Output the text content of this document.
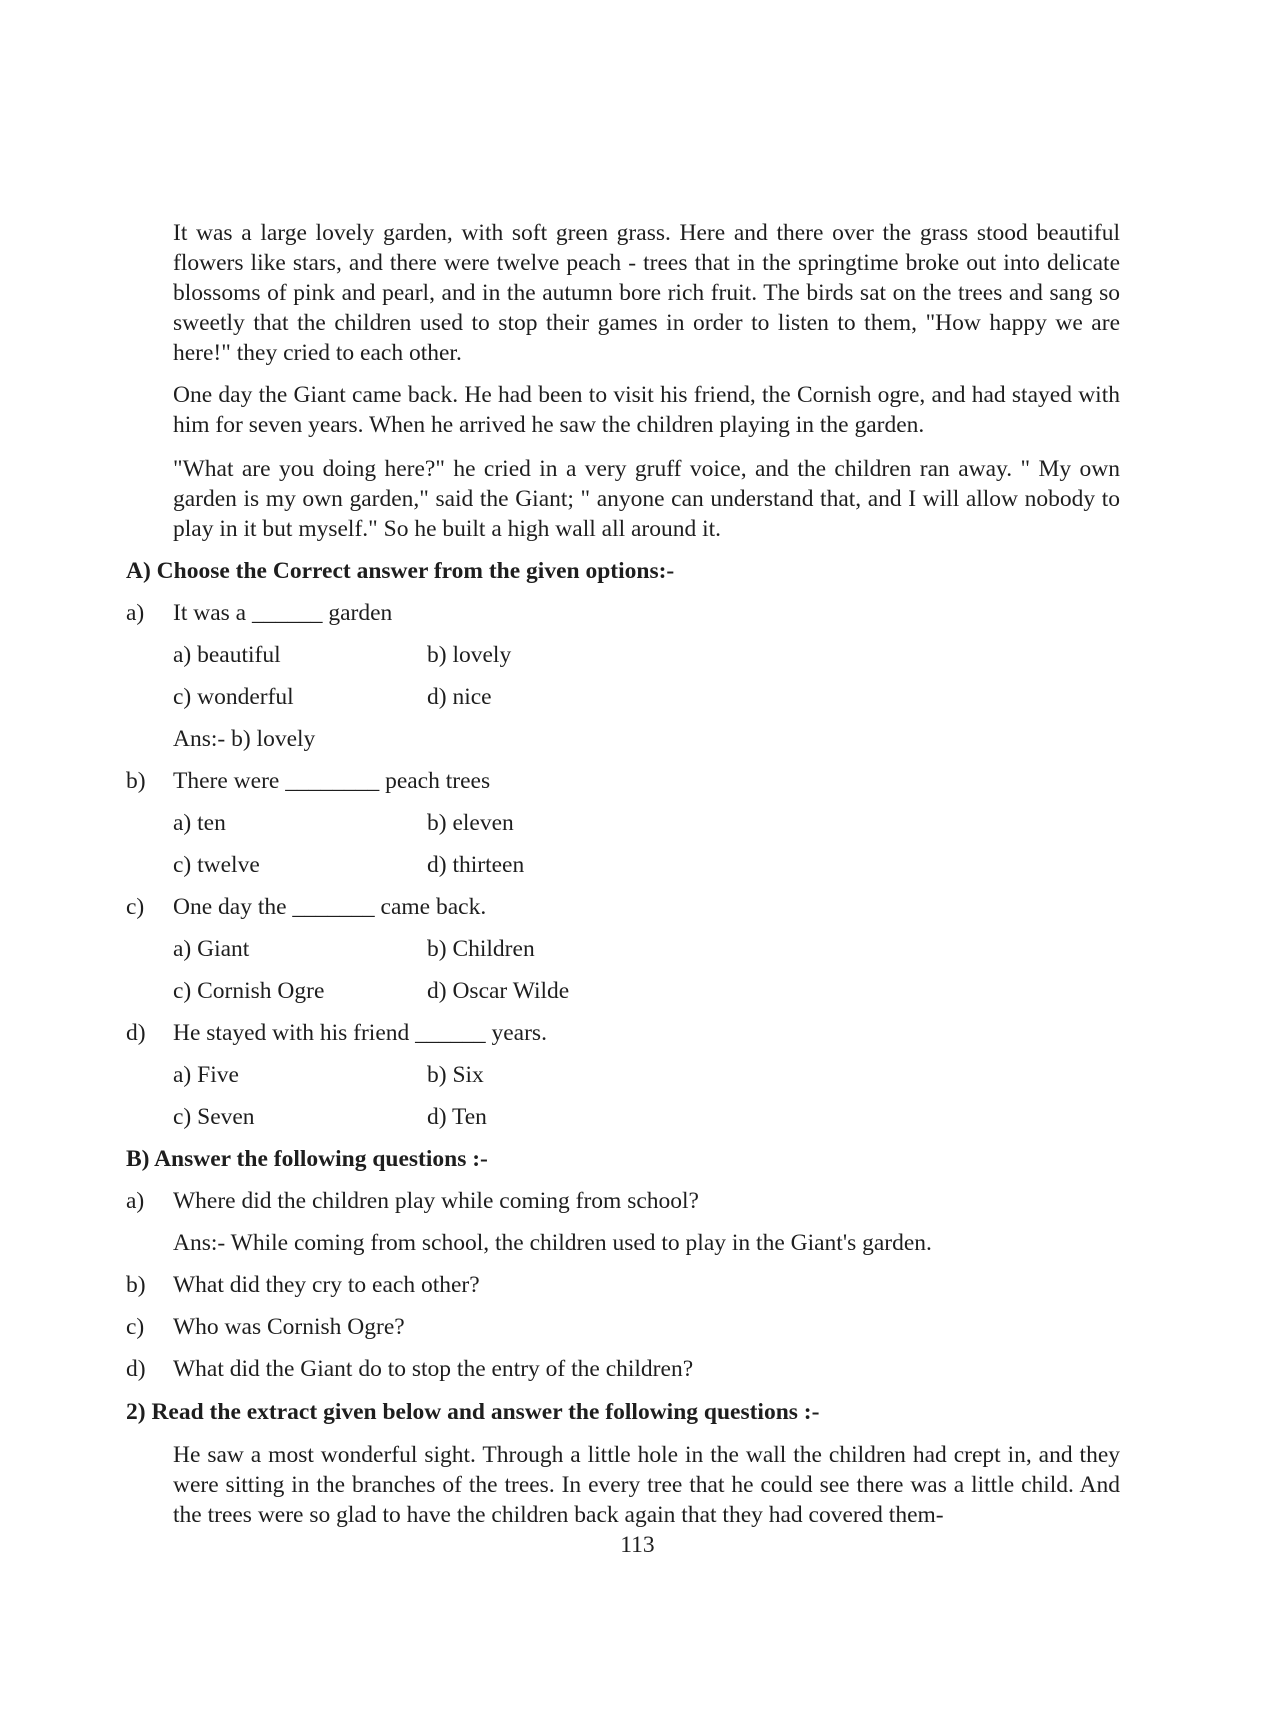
It was a large lovely garden, with soft green grass. Here and there over the grass stood beautiful flowers like stars, and there were twelve peach - trees that in the springtime broke out into delicate blossoms of pink and pearl, and in the autumn bore rich fruit. The birds sat on the trees and sang so sweetly that the children used to stop their games in order to listen to them, "How happy we are here!" they cried to each other.

One day the Giant came back. He had been to visit his friend, the Cornish ogre, and had stayed with him for seven years. When he arrived he saw the children playing in the garden.

"What are you doing here?" he cried in a very gruff voice, and the children ran away. " My own garden is my own garden," said the Giant; " anyone can understand that, and I will allow nobody to play in it but myself." So he built a high wall all around it.

A) Choose the Correct answer from the given options:-
a) It was a ______ garden
a) beautiful	b) lovely
c) wonderful	d) nice
Ans:- b) lovely
b) There were ________ peach trees
a) ten	b) eleven
c) twelve	d) thirteen
c) One day the _______ came back.
a) Giant	b) Children
c) Cornish Ogre	d) Oscar Wilde
d) He stayed with his friend ______ years.
a) Five	b) Six
c) Seven	d) Ten
B) Answer the following questions :-
a) Where did the children play while coming from school?
Ans:- While coming from school, the children used to play in the Giant's garden.
b) What did they cry to each other?
c) Who was Cornish Ogre?
d) What did the Giant do to stop the entry of the children?
2) Read the extract given below and answer the following questions :-

He saw a most wonderful sight. Through a little hole in the wall the children had crept in, and they were sitting in the branches of the trees. In every tree that he could see there was a little child. And the trees were so glad to have the children back again that they had covered them-

113
